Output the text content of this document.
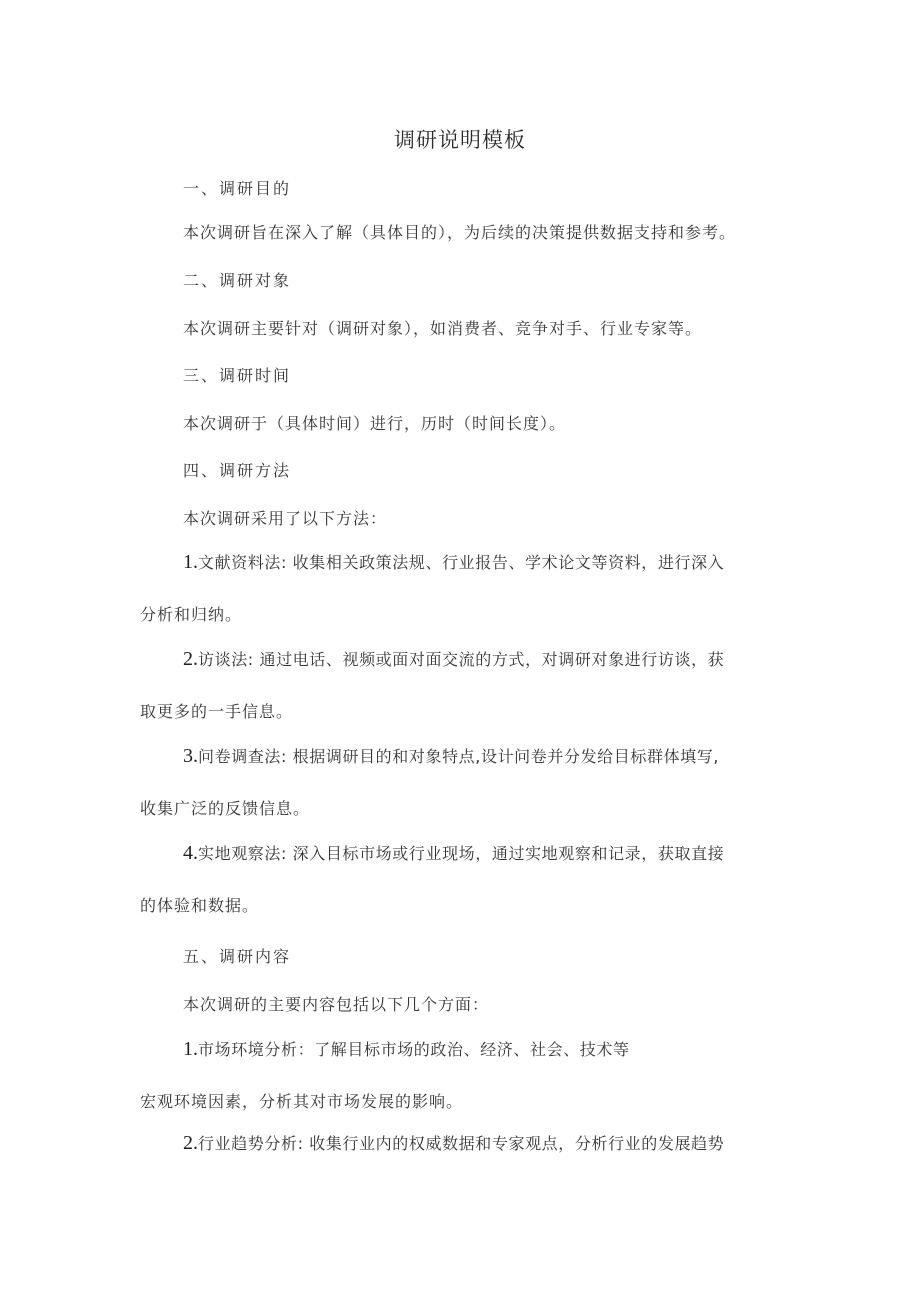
调研说明模板
一、调研目的
本次调研旨在深入了解（具体目的），为后续的决策提供数据支持和参考。
二、调研对象
本次调研主要针对（调研对象），如消费者、竞争对手、行业专家等。
三、调研时间
本次调研于（具体时间）进行，历时（时间长度）。
四、调研方法
本次调研采用了以下方法：
1.文献资料法: 收集相关政策法规、行业报告、学术论文等资料，进行深入
分析和归纳。
2.访谈法: 通过电话、视频或面对面交流的方式，对调研对象进行访谈，获
取更多的一手信息。
3.问卷调查法: 根据调研目的和对象特点,设计问卷并分发给目标群体填写,
收集广泛的反馈信息。
4.实地观察法: 深入目标市场或行业现场，通过实地观察和记录，获取直接
的体验和数据。
五、调研内容
本次调研的主要内容包括以下几个方面：
1.市场环境分析：了解目标市场的政治、经济、社会、技术等
宏观环境因素，分析其对市场发展的影响。
2.行业趋势分析: 收集行业内的权威数据和专家观点，分析行业的发展趋势
